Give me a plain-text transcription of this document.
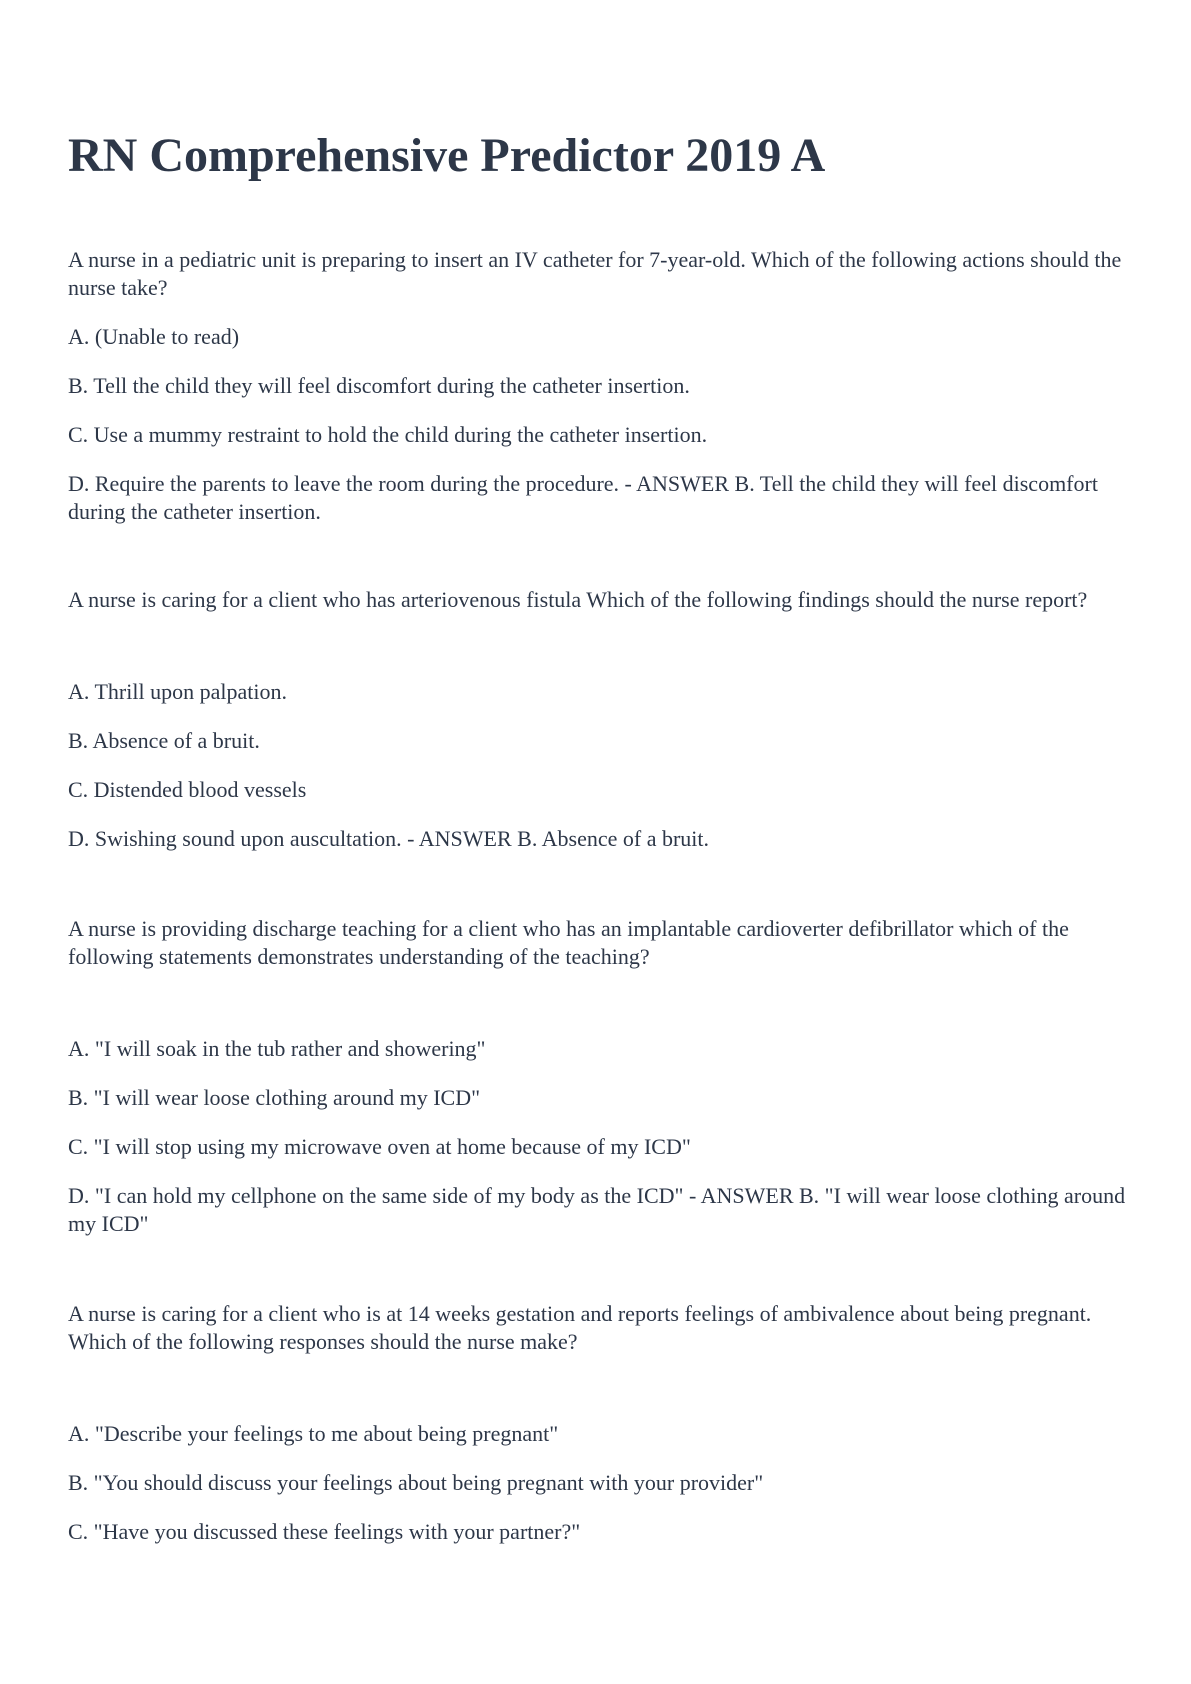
RN Comprehensive Predictor 2019 A

A nurse in a pediatric unit is preparing to insert an IV catheter for 7-year-old. Which of the following actions should the nurse take?

A. (Unable to read)

B. Tell the child they will feel discomfort during the catheter insertion.

C. Use a mummy restraint to hold the child during the catheter insertion.

D. Require the parents to leave the room during the procedure. - ANSWER B. Tell the child they will feel discomfort during the catheter insertion.

A nurse is caring for a client who has arteriovenous fistula Which of the following findings should the nurse report?

A. Thrill upon palpation.

B. Absence of a bruit.

C. Distended blood vessels

D. Swishing sound upon auscultation. - ANSWER B. Absence of a bruit.

A nurse is providing discharge teaching for a client who has an implantable cardioverter defibrillator which of the following statements demonstrates understanding of the teaching?

A. "I will soak in the tub rather and showering"

B. "I will wear loose clothing around my ICD"

C. "I will stop using my microwave oven at home because of my ICD"

D. "I can hold my cellphone on the same side of my body as the ICD" - ANSWER B. "I will wear loose clothing around my ICD"

A nurse is caring for a client who is at 14 weeks gestation and reports feelings of ambivalence about being pregnant. Which of the following responses should the nurse make?

A. "Describe your feelings to me about being pregnant"

B. "You should discuss your feelings about being pregnant with your provider"

C. "Have you discussed these feelings with your partner?"
